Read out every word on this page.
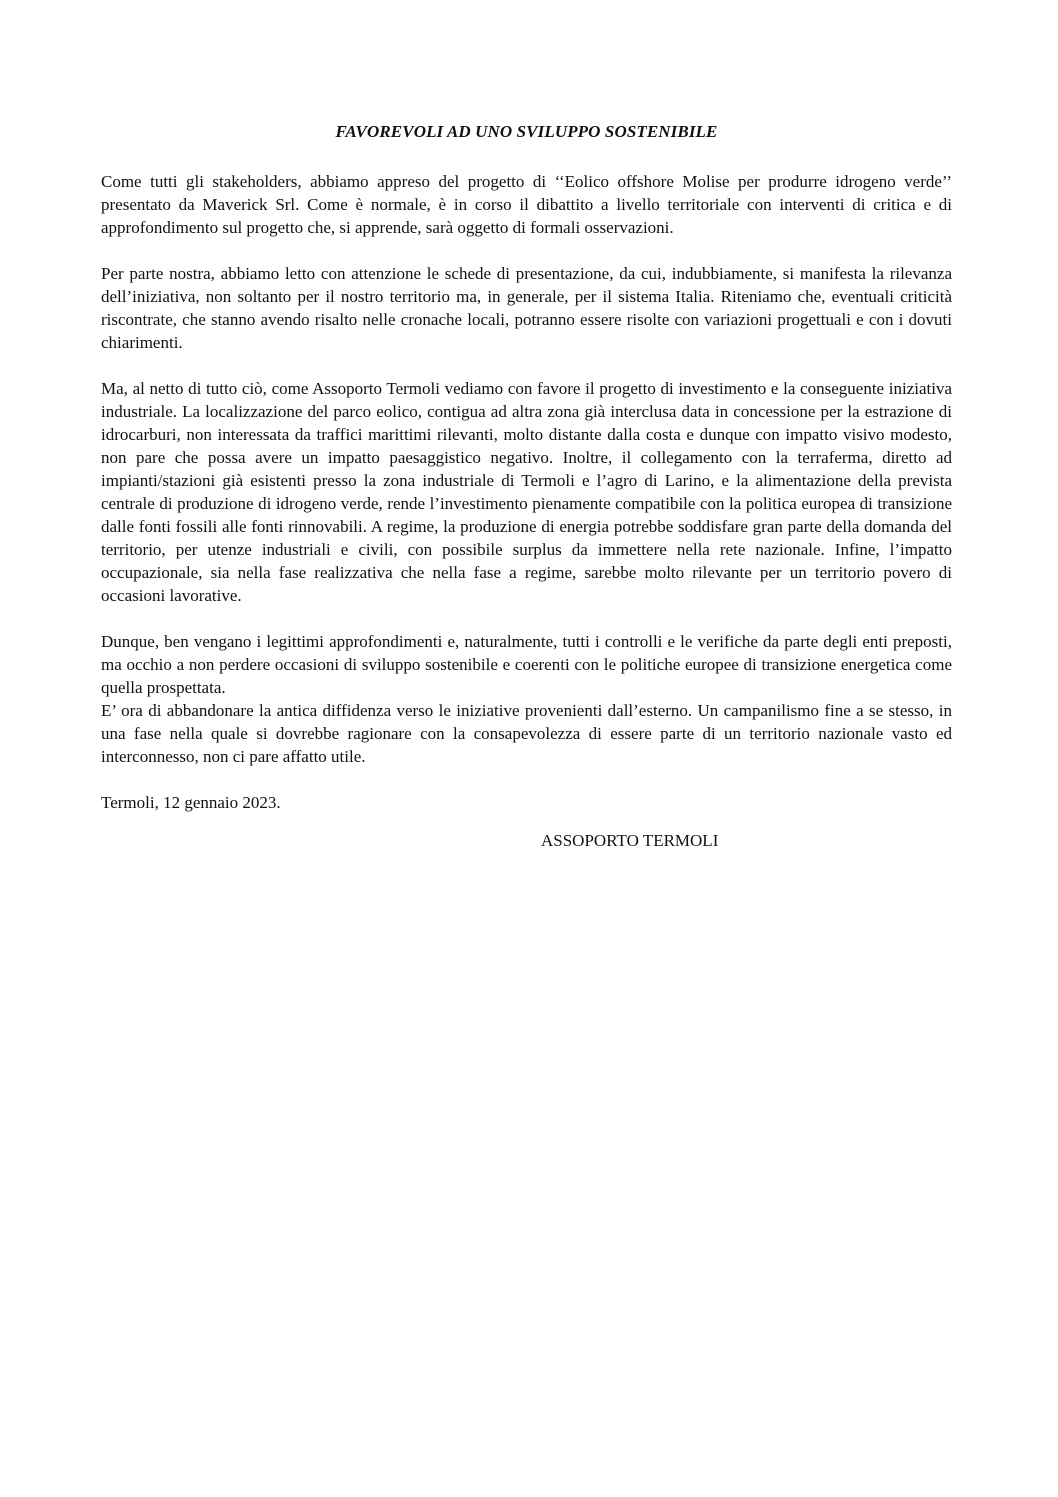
FAVOREVOLI AD UNO SVILUPPO SOSTENIBILE
Come tutti gli stakeholders, abbiamo appreso del progetto di ‘‘Eolico offshore Molise per produrre idrogeno verde’’ presentato da Maverick Srl. Come è normale, è in corso il dibattito a livello territoriale con interventi di critica e di approfondimento sul progetto che, si apprende, sarà oggetto di formali osservazioni.
Per parte nostra, abbiamo letto con attenzione le schede di presentazione, da cui, indubbiamente, si manifesta la rilevanza dell’iniziativa, non soltanto per il nostro territorio ma, in generale, per il sistema Italia. Riteniamo che, eventuali criticità riscontrate, che stanno avendo risalto nelle cronache locali, potranno essere risolte con variazioni progettuali e con i dovuti chiarimenti.
Ma, al netto di tutto ciò, come Assoporto Termoli vediamo con favore il progetto di investimento e la conseguente iniziativa industriale. La localizzazione del parco eolico, contigua ad altra zona già interclusa data in concessione per la estrazione di idrocarburi, non interessata da traffici marittimi rilevanti, molto distante dalla costa e dunque con impatto visivo modesto, non pare che possa avere un impatto paesaggistico negativo. Inoltre, il collegamento con la terraferma, diretto ad impianti/stazioni già esistenti presso la zona industriale di Termoli e l’agro di Larino, e la alimentazione della prevista centrale di produzione di idrogeno verde, rende l’investimento pienamente compatibile con la politica europea di transizione dalle fonti fossili alle fonti rinnovabili. A regime, la produzione di energia potrebbe soddisfare gran parte della domanda del territorio, per utenze industriali e civili, con possibile surplus da immettere nella rete nazionale. Infine, l’impatto occupazionale, sia nella fase realizzativa che nella fase a regime, sarebbe molto rilevante per un territorio povero di occasioni lavorative.
Dunque, ben vengano i legittimi approfondimenti e, naturalmente, tutti i controlli e le verifiche da parte degli enti preposti, ma occhio a non perdere occasioni di sviluppo sostenibile e coerenti con le politiche europee di transizione energetica come quella prospettata.
E’ ora di abbandonare la antica diffidenza verso le iniziative provenienti dall’esterno. Un campanilismo fine a se stesso, in una fase nella quale si dovrebbe ragionare con la consapevolezza di essere parte di un territorio nazionale vasto ed interconnesso, non ci pare affatto utile.
Termoli, 12 gennaio 2023.
ASSOPORTO TERMOLI
